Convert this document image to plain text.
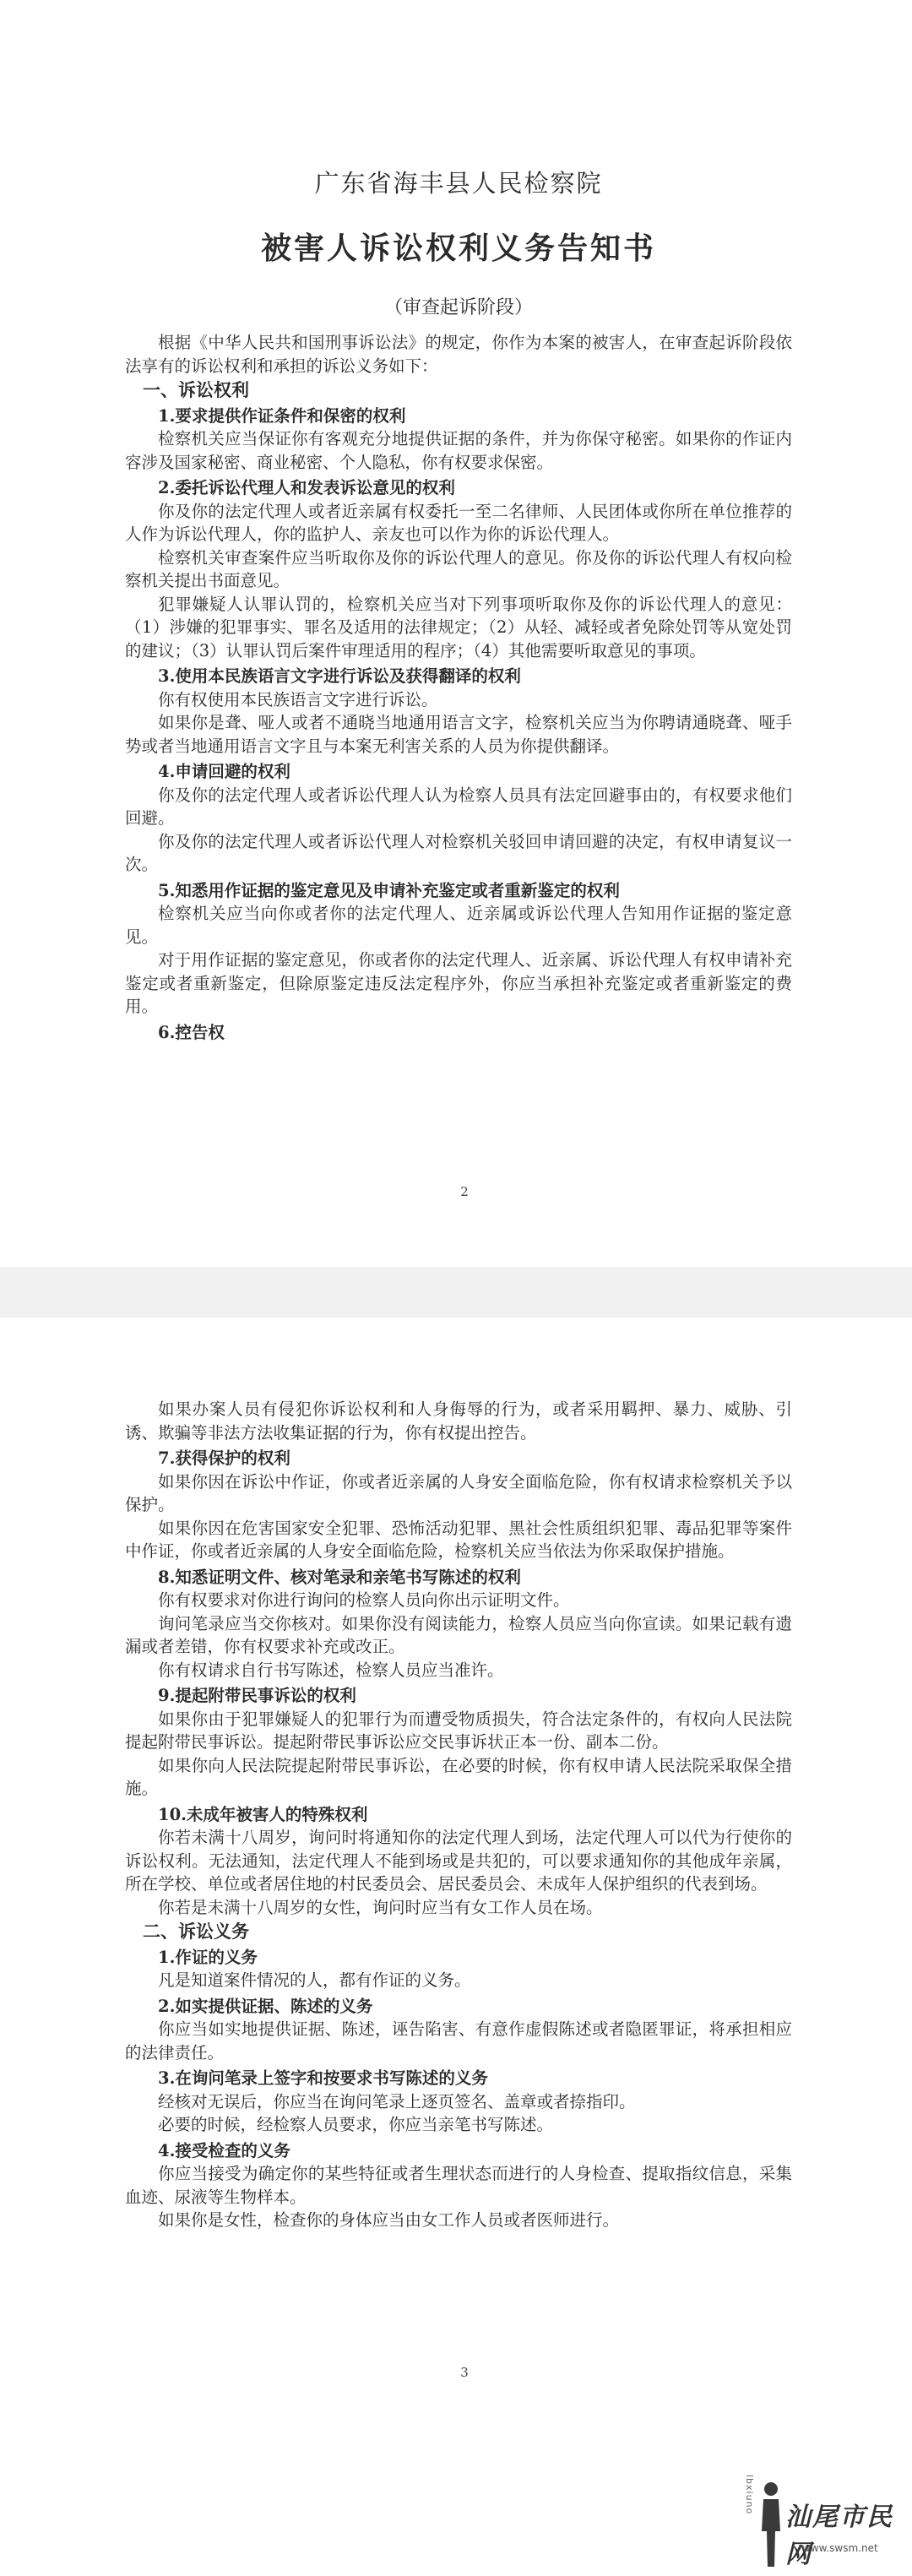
广东省海丰县人民检察院
被害人诉讼权利义务告知书
（审查起诉阶段）

根据《中华人民共和国刑事诉讼法》的规定，你作为本案的被害人，在审查起诉阶段依法享有的诉讼权利和承担的诉讼义务如下：

一、诉讼权利

1.要求提供作证条件和保密的权利

检察机关应当保证你有客观充分地提供证据的条件，并为你保守秘密。如果你的作证内容涉及国家秘密、商业秘密、个人隐私，你有权要求保密。

2.委托诉讼代理人和发表诉讼意见的权利

你及你的法定代理人或者近亲属有权委托一至二名律师、人民团体或你所在单位推荐的人作为诉讼代理人，你的监护人、亲友也可以作为你的诉讼代理人。

检察机关审查案件应当听取你及你的诉讼代理人的意见。你及你的诉讼代理人有权向检察机关提出书面意见。

犯罪嫌疑人认罪认罚的，检察机关应当对下列事项听取你及你的诉讼代理人的意见：（1）涉嫌的犯罪事实、罪名及适用的法律规定；（2）从轻、减轻或者免除处罚等从宽处罚的建议；（3）认罪认罚后案件审理适用的程序；（4）其他需要听取意见的事项。

3.使用本民族语言文字进行诉讼及获得翻译的权利

你有权使用本民族语言文字进行诉讼。

如果你是聋、哑人或者不通晓当地通用语言文字，检察机关应当为你聘请通晓聋、哑手势或者当地通用语言文字且与本案无利害关系的人员为你提供翻译。

4.申请回避的权利

你及你的法定代理人或者诉讼代理人认为检察人员具有法定回避事由的，有权要求他们回避。

你及你的法定代理人或者诉讼代理人对检察机关驳回申请回避的决定，有权申请复议一次。

5.知悉用作证据的鉴定意见及申请补充鉴定或者重新鉴定的权利

检察机关应当向你或者你的法定代理人、近亲属或诉讼代理人告知用作证据的鉴定意见。

对于用作证据的鉴定意见，你或者你的法定代理人、近亲属、诉讼代理人有权申请补充鉴定或者重新鉴定，但除原鉴定违反法定程序外，你应当承担补充鉴定或者重新鉴定的费用。

6.控告权

2

如果办案人员有侵犯你诉讼权利和人身侮辱的行为，或者采用羁押、暴力、威胁、引诱、欺骗等非法方法收集证据的行为，你有权提出控告。

7.获得保护的权利

如果你因在诉讼中作证，你或者近亲属的人身安全面临危险，你有权请求检察机关予以保护。

如果你因在危害国家安全犯罪、恐怖活动犯罪、黑社会性质组织犯罪、毒品犯罪等案件中作证，你或者近亲属的人身安全面临危险，检察机关应当依法为你采取保护措施。

8.知悉证明文件、核对笔录和亲笔书写陈述的权利

你有权要求对你进行询问的检察人员向你出示证明文件。

询问笔录应当交你核对。如果你没有阅读能力，检察人员应当向你宣读。如果记载有遗漏或者差错，你有权要求补充或改正。

你有权请求自行书写陈述，检察人员应当准许。

9.提起附带民事诉讼的权利

如果你由于犯罪嫌疑人的犯罪行为而遭受物质损失，符合法定条件的，有权向人民法院提起附带民事诉讼。提起附带民事诉讼应交民事诉状正本一份、副本二份。

如果你向人民法院提起附带民事诉讼，在必要的时候，你有权申请人民法院采取保全措施。

10.未成年被害人的特殊权利

你若未满十八周岁，询问时将通知你的法定代理人到场，法定代理人可以代为行使你的诉讼权利。无法通知，法定代理人不能到场或是共犯的，可以要求通知你的其他成年亲属，所在学校、单位或者居住地的村民委员会、居民委员会、未成年人保护组织的代表到场。

你若是未满十八周岁的女性，询问时应当有女工作人员在场。

二、诉讼义务

1.作证的义务

凡是知道案件情况的人，都有作证的义务。

2.如实提供证据、陈述的义务

你应当如实地提供证据、陈述，诬告陷害、有意作虚假陈述或者隐匿罪证，将承担相应的法律责任。

3.在询问笔录上签字和按要求书写陈述的义务

经核对无误后，你应当在询问笔录上逐页签名、盖章或者捺指印。

必要的时候，经检察人员要求，你应当亲笔书写陈述。

4.接受检查的义务

你应当接受为确定你的某些特征或者生理状态而进行的人身检查、提取指纹信息，采集血迹、尿液等生物样本。

如果你是女性，检查你的身体应当由女工作人员或者医师进行。

3
lbxiuno
汕尾市民网
www.swsm.net
